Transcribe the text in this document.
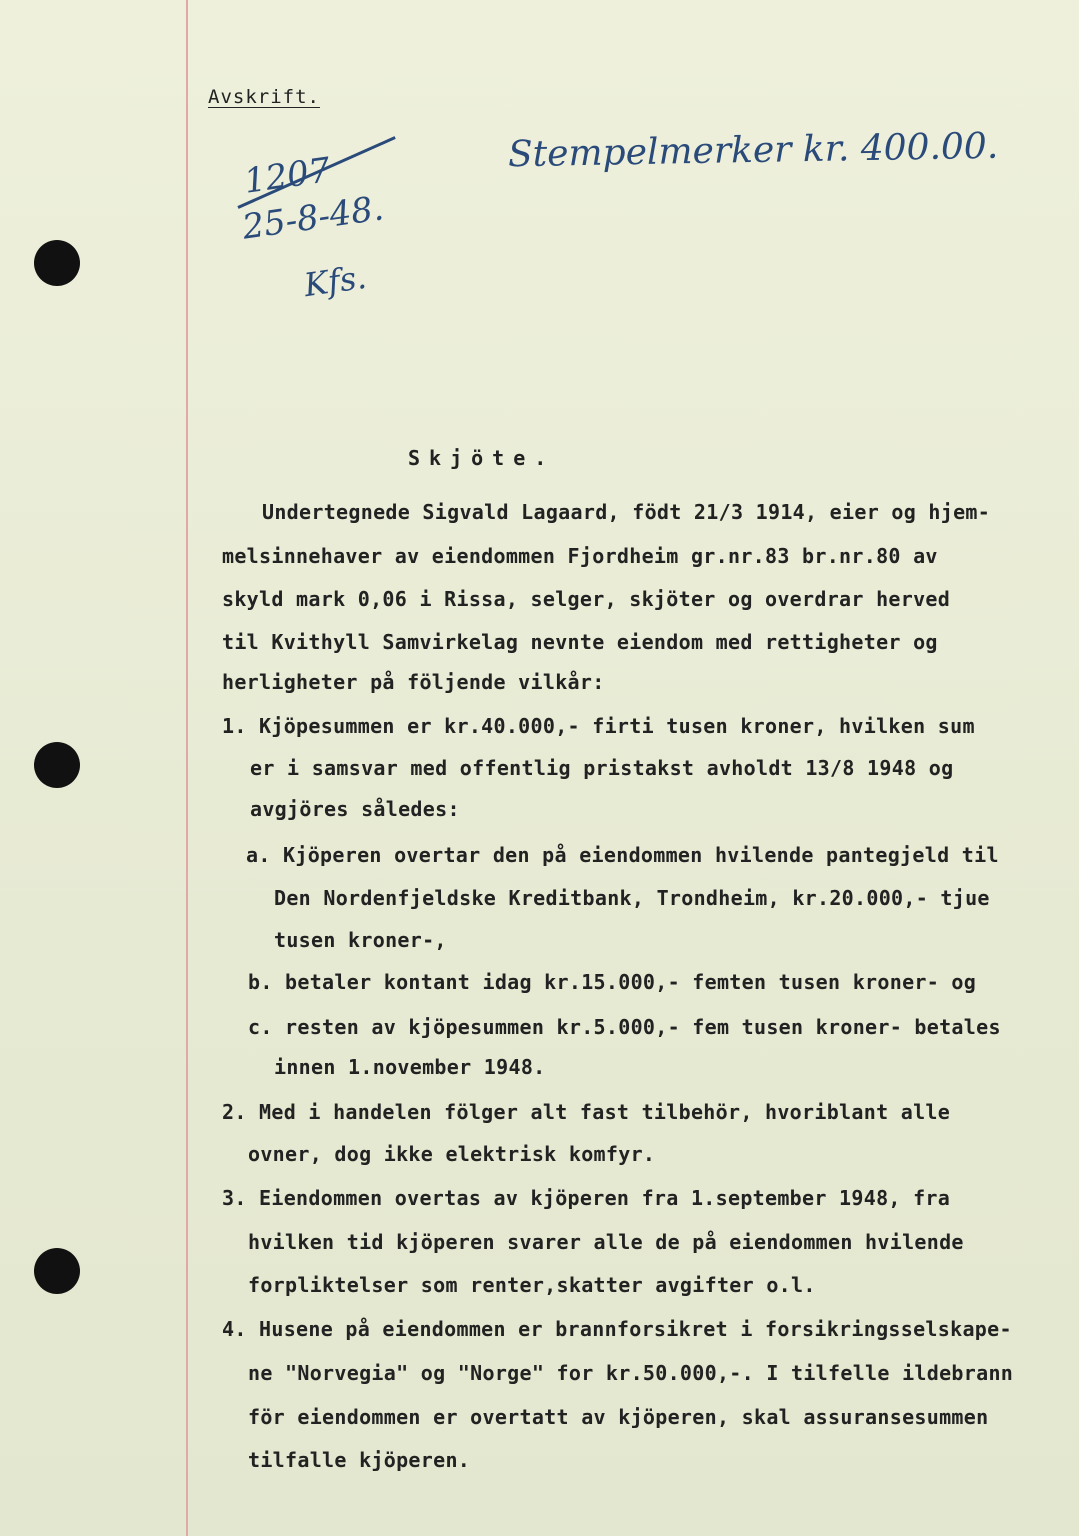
Avskrift.
1207
25-8-48.
Kfs.
Stempelmerker kr. 400.00.
Skjöte.
Undertegnede Sigvald Lagaard, födt 21/3 1914, eier og hjem-
melsinnehaver av eiendommen Fjordheim gr.nr.83 br.nr.80 av
skyld mark 0,06 i Rissa, selger, skjöter og overdrar herved
til Kvithyll Samvirkelag nevnte eiendom med rettigheter og
herligheter på följende vilkår:
1. Kjöpesummen er kr.40.000,- firti tusen kroner, hvilken sum
er i samsvar med offentlig pristakst avholdt 13/8 1948 og
avgjöres således:
a. Kjöperen overtar den på eiendommen hvilende pantegjeld til
Den Nordenfjeldske Kreditbank, Trondheim, kr.20.000,- tjue
tusen kroner-,
b. betaler kontant idag kr.15.000,- femten tusen kroner- og
c. resten av kjöpesummen kr.5.000,- fem tusen kroner- betales
innen 1.november 1948.
2. Med i handelen fölger alt fast tilbehör, hvoriblant alle
ovner, dog ikke elektrisk komfyr.
3. Eiendommen overtas av kjöperen fra 1.september 1948, fra
hvilken tid kjöperen svarer alle de på eiendommen hvilende
forpliktelser som renter,skatter avgifter o.l.
4. Husene på eiendommen er brannforsikret i forsikringsselskape-
ne "Norvegia" og "Norge" for kr.50.000,-. I tilfelle ildebrann
för eiendommen er overtatt av kjöperen, skal assuransesummen
tilfalle kjöperen.
